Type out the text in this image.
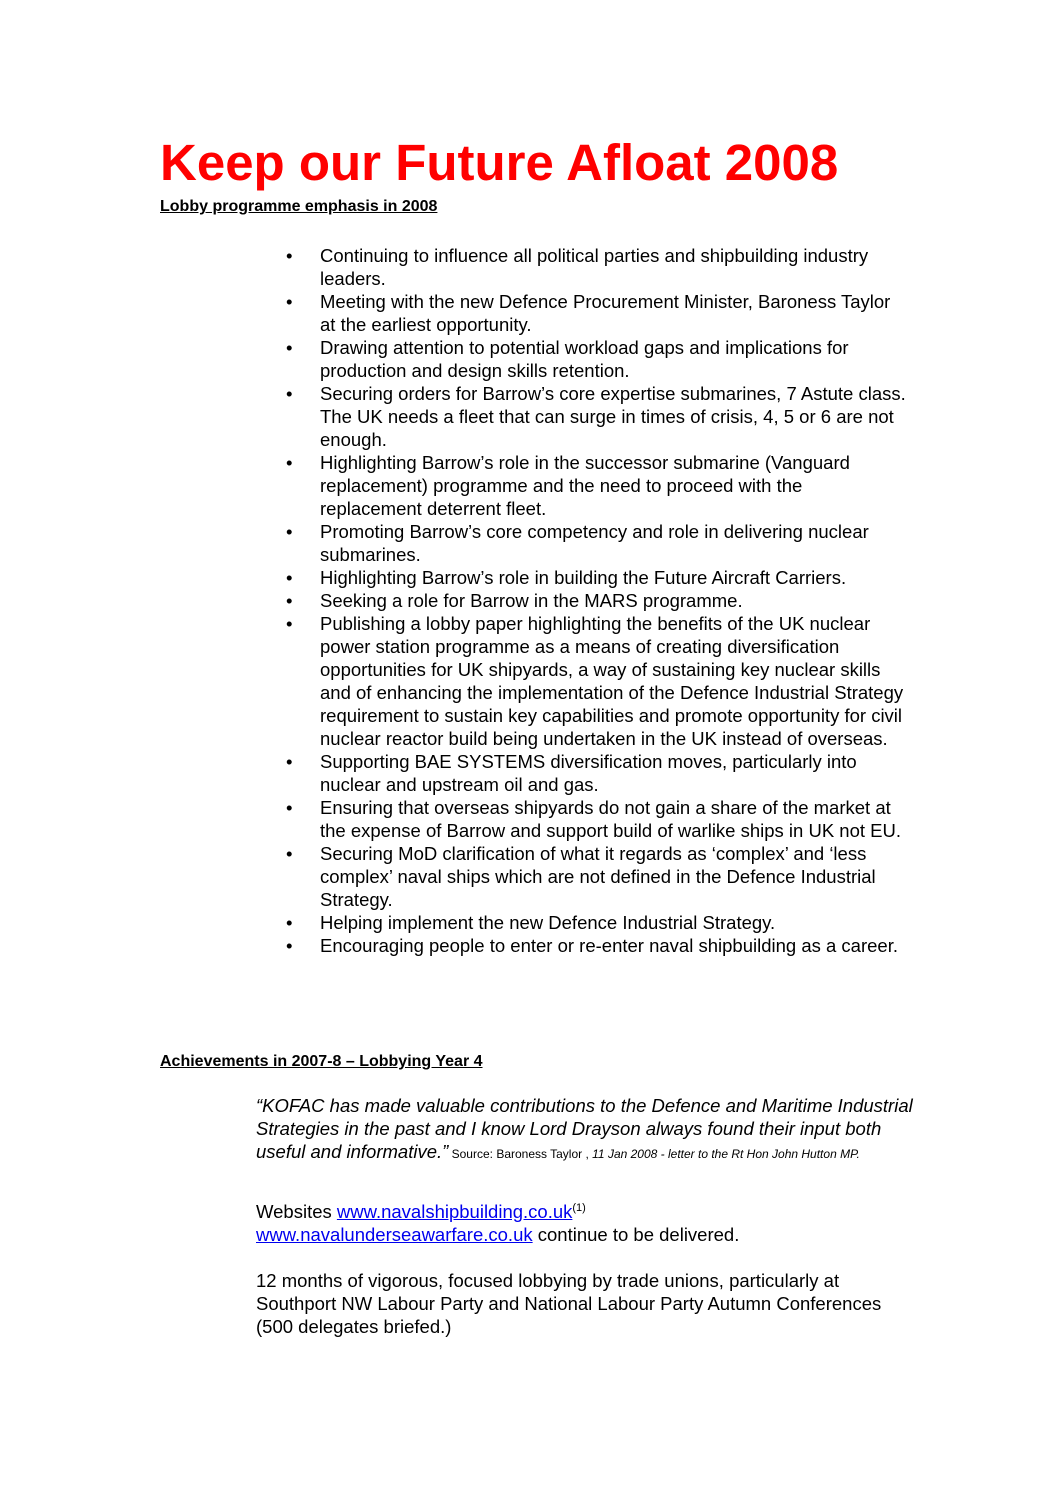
Keep our Future Afloat 2008
Lobby programme emphasis in 2008
•	Continuing to influence all political parties and shipbuilding industry leaders.
•	Meeting with the new Defence Procurement Minister, Baroness Taylor at the earliest opportunity.
•	Drawing attention to potential workload gaps and implications for production and design skills retention.
•	Securing orders for Barrow’s core expertise submarines, 7 Astute class. The UK needs a fleet that can surge in times of crisis, 4, 5 or 6 are not enough.
•	Highlighting Barrow’s role in the successor submarine (Vanguard replacement) programme and the need to proceed with the replacement deterrent fleet.
•	Promoting Barrow’s core competency and role in delivering nuclear submarines.
•	Highlighting Barrow’s role in building the Future Aircraft Carriers.
•	Seeking a role for Barrow in the MARS programme.
•	Publishing a lobby paper highlighting the benefits of the UK nuclear power station programme as a means of creating diversification opportunities for UK shipyards, a way of sustaining key nuclear skills and of enhancing the implementation of the Defence Industrial Strategy requirement to sustain key capabilities and promote opportunity for civil nuclear reactor build being undertaken in the UK instead of overseas.
•	Supporting BAE SYSTEMS diversification moves, particularly into nuclear and upstream oil and gas.
•	Ensuring that overseas shipyards do not gain a share of the market at the expense of Barrow and support build of warlike ships in UK not EU.
•	Securing MoD clarification of what it regards as ‘complex’ and ‘less complex’ naval ships which are not defined in the Defence Industrial Strategy.
•	Helping implement the new Defence Industrial Strategy.
•	Encouraging people to enter or re-enter naval shipbuilding as a career.
Achievements in 2007-8 – Lobbying Year 4

“KOFAC has made valuable contributions to the Defence and Maritime Industrial Strategies in the past and I know Lord Drayson always found their input both useful and informative.” Source: Baroness Taylor , 11 Jan 2008 - letter to the Rt Hon John Hutton MP.

Websites $www.navalshipbuilding.co.uk^{(1)}$
www.navalunderseawarfare.co.uk continue to be delivered.

12 months of vigorous, focused lobbying by trade unions, particularly at Southport NW Labour Party and National Labour Party Autumn Conferences (500 delegates briefed.)
